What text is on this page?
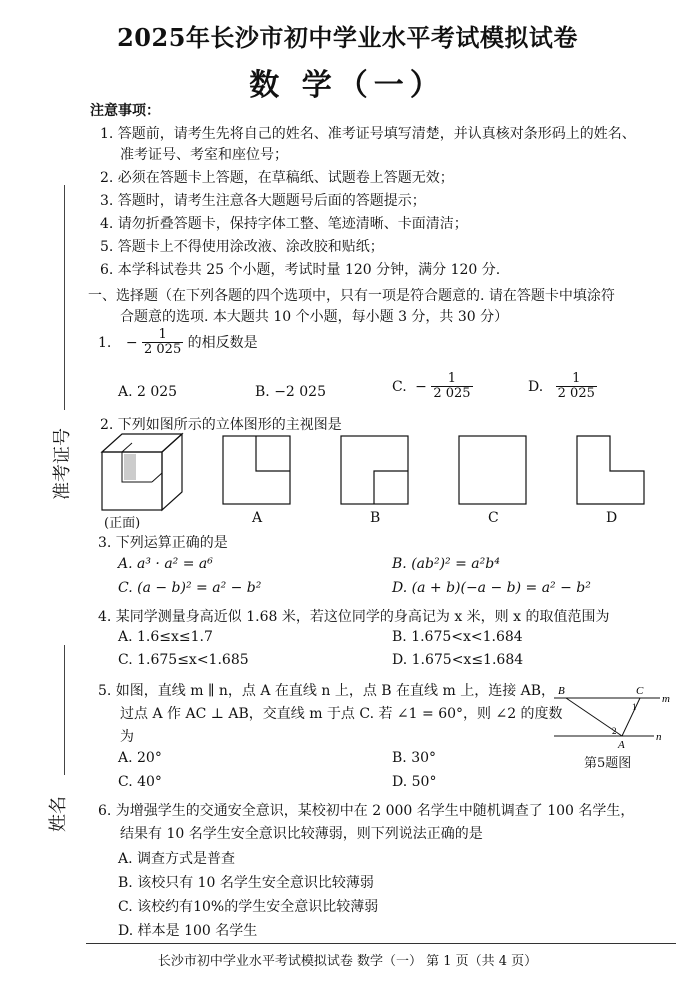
2025年长沙市初中学业水平考试模拟试卷
数 学（一）
准考证号
姓名
注意事项：
1. 答题前，请考生先将自己的姓名、准考证号填写清楚，并认真核对条形码上的姓名、
准考证号、考室和座位号；
2. 必须在答题卡上答题，在草稿纸、试题卷上答题无效；
3. 答题时，请考生注意各大题题号后面的答题提示；
4. 请勿折叠答题卡，保持字体工整、笔迹清晰、卡面清洁；
5. 答题卡上不得使用涂改液、涂改胶和贴纸；
6. 本学科试卷共 25 个小题，考试时量 120 分钟，满分 120 分.
一、选择题（在下列各题的四个选项中，只有一项是符合题意的. 请在答题卡中填涂符
合题意的选项. 本大题共 10 个小题，每小题 3 分，共 30 分）
1. − $\frac{1}{2 025}$ 的相反数是
A. 2 025	B. −2 025	C. − $\frac{1}{2 025}$	D. $\frac{1}{2 025}$
2. 下列如图所示的立体图形的主视图是
(正面)	A	B	C	D
3. 下列运算正确的是
A. a³ · a² = a⁶	B. (ab²)² = a²b⁴
C. (a − b)² = a² − b²	D. (a + b)(−a − b) = a² − b²
4. 某同学测量身高近似 1.68 米，若这位同学的身高记为 x 米，则 x 的取值范围为
A. 1.6≤x≤1.7	B. 1.675<x<1.684
C. 1.675≤x<1.685	D. 1.675<x≤1.684
5. 如图，直线 m ∥ n，点 A 在直线 n 上，点 B 在直线 m 上，连接 AB，
过点 A 作 AC ⊥ AB，交直线 m 于点 C. 若 ∠1 = 60°，则 ∠2 的度数
为
A. 20°	B. 30°
C. 40°	D. 50°
B	C
m
n
A
1
2
第5题图
6. 为增强学生的交通安全意识，某校初中在 2 000 名学生中随机调查了 100 名学生，
结果有 10 名学生安全意识比较薄弱，则下列说法正确的是
A. 调查方式是普查
B. 该校只有 10 名学生安全意识比较薄弱
C. 该校约有10%的学生安全意识比较薄弱
D. 样本是 100 名学生
长沙市初中学业水平考试模拟试卷 数学（一） 第 1 页（共 4 页）
